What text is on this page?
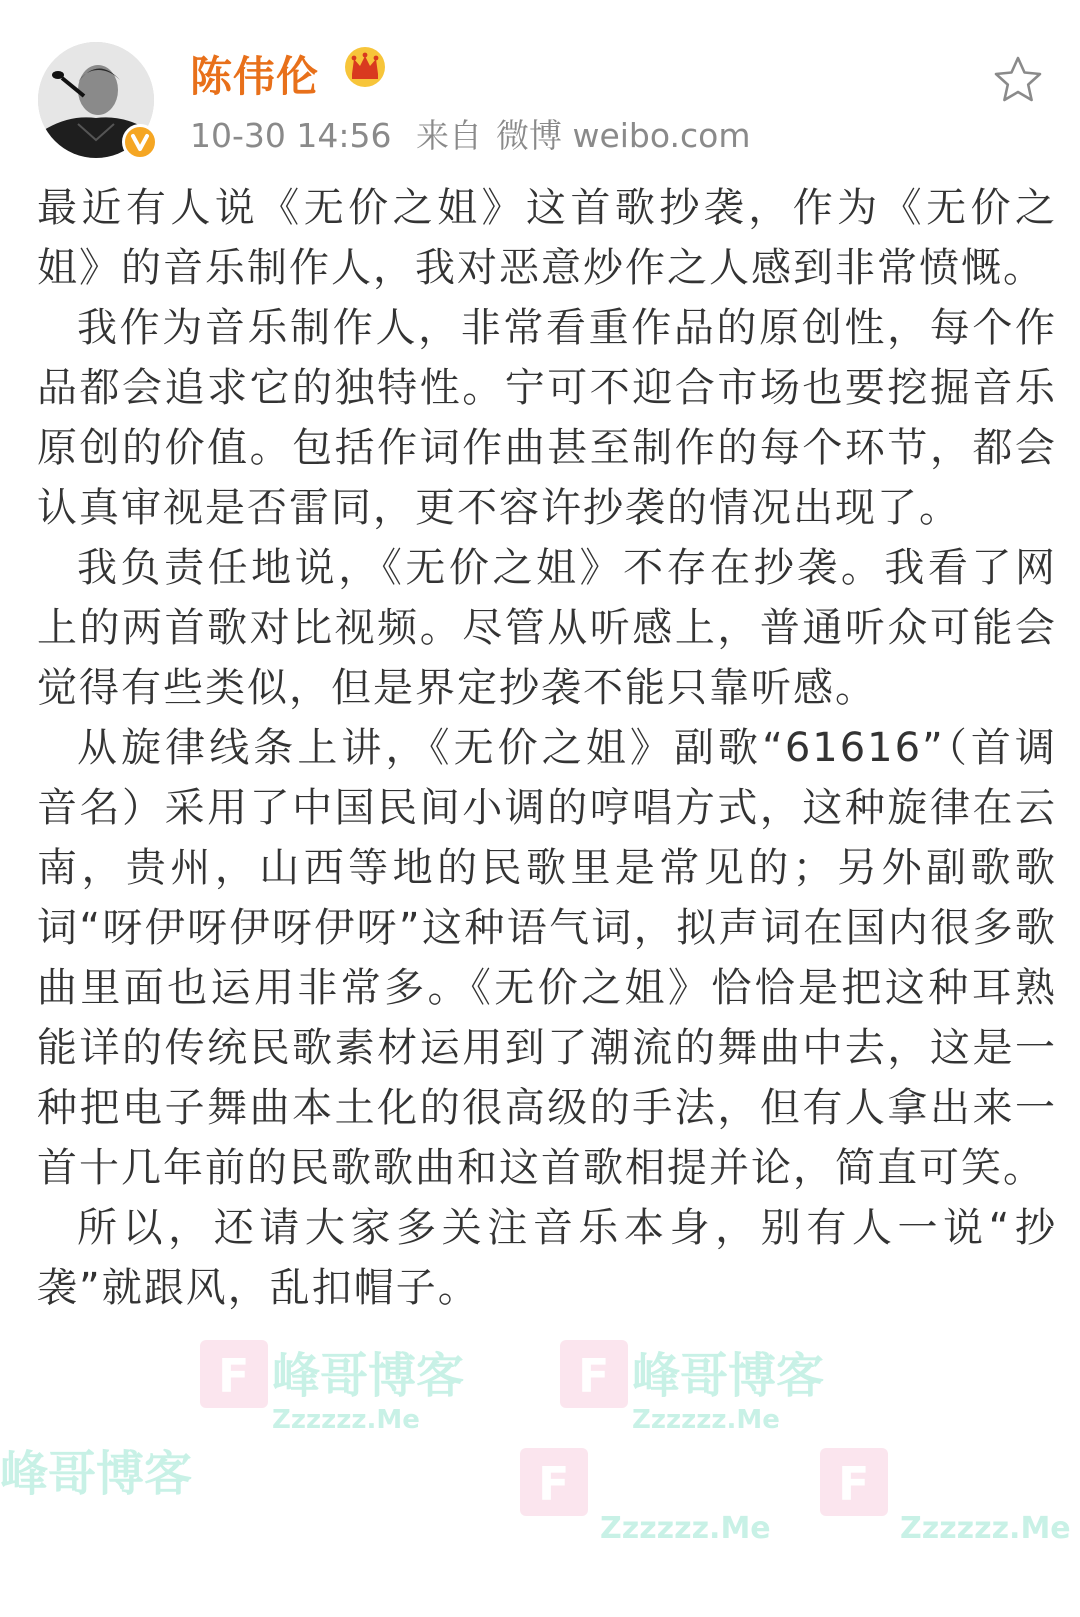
陈伟伦
10-30 14:56 来自 微博 weibo.com

最近有人说《无价之姐》这首歌抄袭，作为《无价之姐》的音乐制作人，我对恶意炒作之人感到非常愤慨。

我作为音乐制作人，非常看重作品的原创性，每个作品都会追求它的独特性。宁可不迎合市场也要挖掘音乐原创的价值。包括作词作曲甚至制作的每个环节，都会认真审视是否雷同，更不容许抄袭的情况出现了。

我负责任地说，《无价之姐》不存在抄袭。我看了网上的两首歌对比视频。尽管从听感上，普通听众可能会觉得有些类似，但是界定抄袭不能只靠听感。

从旋律线条上讲，《无价之姐》副歌“61616”（首调音名）采用了中国民间小调的哼唱方式，这种旋律在云南，贵州，山西等地的民歌里是常见的；另外副歌歌词“呀伊呀伊呀伊呀”这种语气词，拟声词在国内很多歌曲里面也运用非常多。《无价之姐》恰恰是把这种耳熟能详的传统民歌素材运用到了潮流的舞曲中去，这是一种把电子舞曲本土化的很高级的手法，但有人拿出来一首十几年前的民歌歌曲和这首歌相提并论，简直可笑。

所以，还请大家多关注音乐本身，别有人一说“抄袭”就跟风，乱扣帽子。

F 峰哥博客
Zzzzzz.Me
F 峰哥博客
Zzzzzz.Me
峰哥博客	F
Zzzzzz.Me
F
Zzzzzz.Me
